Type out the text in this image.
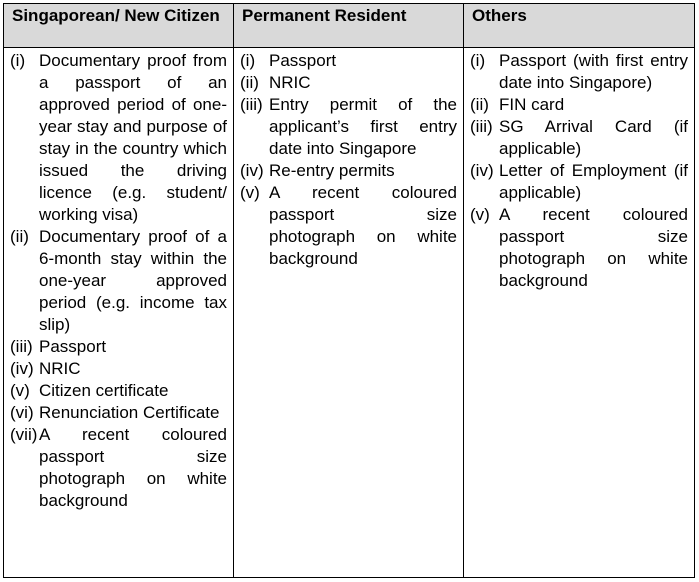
Singaporean/ New Citizen
(i) Documentary proof from a passport of an approved period of one-year stay and purpose of stay in the country which issued the driving licence (e.g. student/ working visa)
(ii) Documentary proof of a 6-month stay within the one-year approved period (e.g. income tax slip)
(iii) Passport
(iv) NRIC
(v) Citizen certificate
(vi) Renunciation Certificate
(vii) A recent coloured passport size photograph on white background
Permanent Resident
(i) Passport
(ii) NRIC
(iii) Entry permit of the applicant’s first entry date into Singapore
(iv) Re-entry permits
(v) A recent coloured passport size photograph on white background
Others
(i) Passport (with first entry date into Singapore)
(ii) FIN card
(iii) SG Arrival Card (if applicable)
(iv) Letter of Employment (if applicable)
(v) A recent coloured passport size photograph on white background
